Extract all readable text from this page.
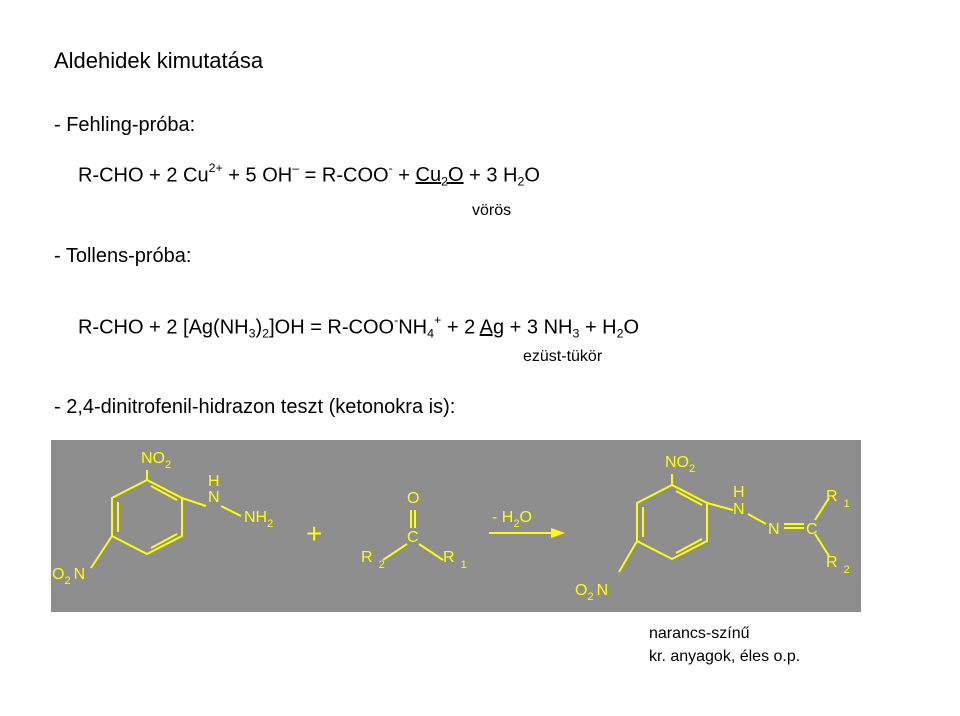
Aldehidek kimutatása
- Fehling-próba:
R-CHO + 2 $Cu^{2+} + 5$ $OH^- = R-COO^- + Cu_2O + 3$ $H_2O$
vörös
- Tollens-próba:
R-CHO + 2 $[Ag(NH_3)_2]OH = R-COO^-NH_4^+ + 2$ Ag + 3 $NH_3 + H_2O$
ezüst-tükör
- 2,4-dinitrofenil-hidrazon teszt (ketonokra is):
$NO_2$
H
N
$NH_2$
$O_2$ N
+
O
C
R $_2$	R $_1$
- $H_2O$
$NO_2$
H
N
N C
R $_1$
R $_2$
$O_2$ N
narancs-színű
kr. anyagok, éles o.p.
